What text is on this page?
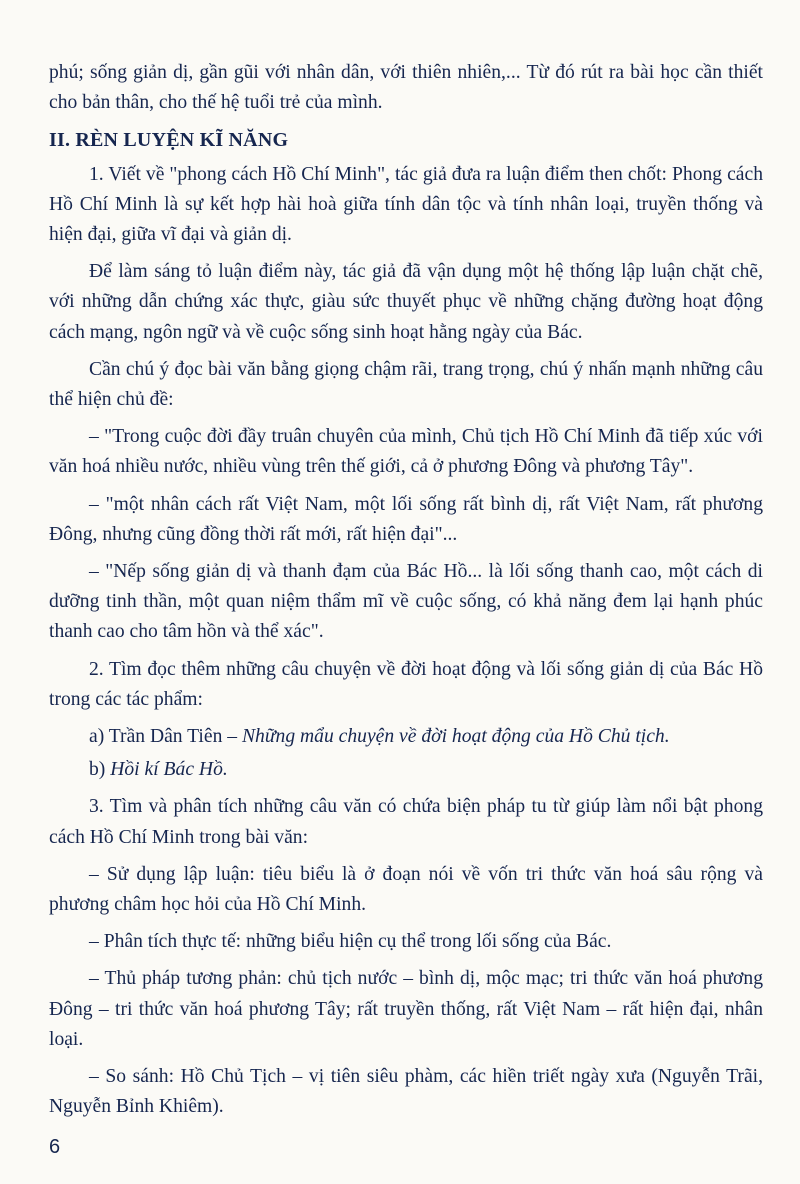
phú; sống giản dị, gần gũi với nhân dân, với thiên nhiên,... Từ đó rút ra bài học cần thiết cho bản thân, cho thế hệ tuổi trẻ của mình.

II. RÈN LUYỆN KĨ NĂNG

1. Viết về "phong cách Hồ Chí Minh", tác giả đưa ra luận điểm then chốt: Phong cách Hồ Chí Minh là sự kết hợp hài hoà giữa tính dân tộc và tính nhân loại, truyền thống và hiện đại, giữa vĩ đại và giản dị.

Để làm sáng tỏ luận điểm này, tác giả đã vận dụng một hệ thống lập luận chặt chẽ, với những dẫn chứng xác thực, giàu sức thuyết phục về những chặng đường hoạt động cách mạng, ngôn ngữ và về cuộc sống sinh hoạt hằng ngày của Bác.

Cần chú ý đọc bài văn bằng giọng chậm rãi, trang trọng, chú ý nhấn mạnh những câu thể hiện chủ đề:

– "Trong cuộc đời đầy truân chuyên của mình, Chủ tịch Hồ Chí Minh đã tiếp xúc với văn hoá nhiều nước, nhiều vùng trên thế giới, cả ở phương Đông và phương Tây".

– "một nhân cách rất Việt Nam, một lối sống rất bình dị, rất Việt Nam, rất phương Đông, nhưng cũng đồng thời rất mới, rất hiện đại"...

– "Nếp sống giản dị và thanh đạm của Bác Hồ... là lối sống thanh cao, một cách di dưỡng tinh thần, một quan niệm thẩm mĩ về cuộc sống, có khả năng đem lại hạnh phúc thanh cao cho tâm hồn và thể xác".

2. Tìm đọc thêm những câu chuyện về đời hoạt động và lối sống giản dị của Bác Hồ trong các tác phẩm:

a) Trần Dân Tiên – Những mẩu chuyện về đời hoạt động của Hồ Chủ tịch.

b) Hồi kí Bác Hồ.

3. Tìm và phân tích những câu văn có chứa biện pháp tu từ giúp làm nổi bật phong cách Hồ Chí Minh trong bài văn:

– Sử dụng lập luận: tiêu biểu là ở đoạn nói về vốn tri thức văn hoá sâu rộng và phương châm học hỏi của Hồ Chí Minh.

– Phân tích thực tế: những biểu hiện cụ thể trong lối sống của Bác.

– Thủ pháp tương phản: chủ tịch nước – bình dị, mộc mạc; tri thức văn hoá phương Đông – tri thức văn hoá phương Tây; rất truyền thống, rất Việt Nam – rất hiện đại, nhân loại.

– So sánh: Hồ Chủ Tịch – vị tiên siêu phàm, các hiền triết ngày xưa (Nguyễn Trãi, Nguyễn Bỉnh Khiêm).

6
